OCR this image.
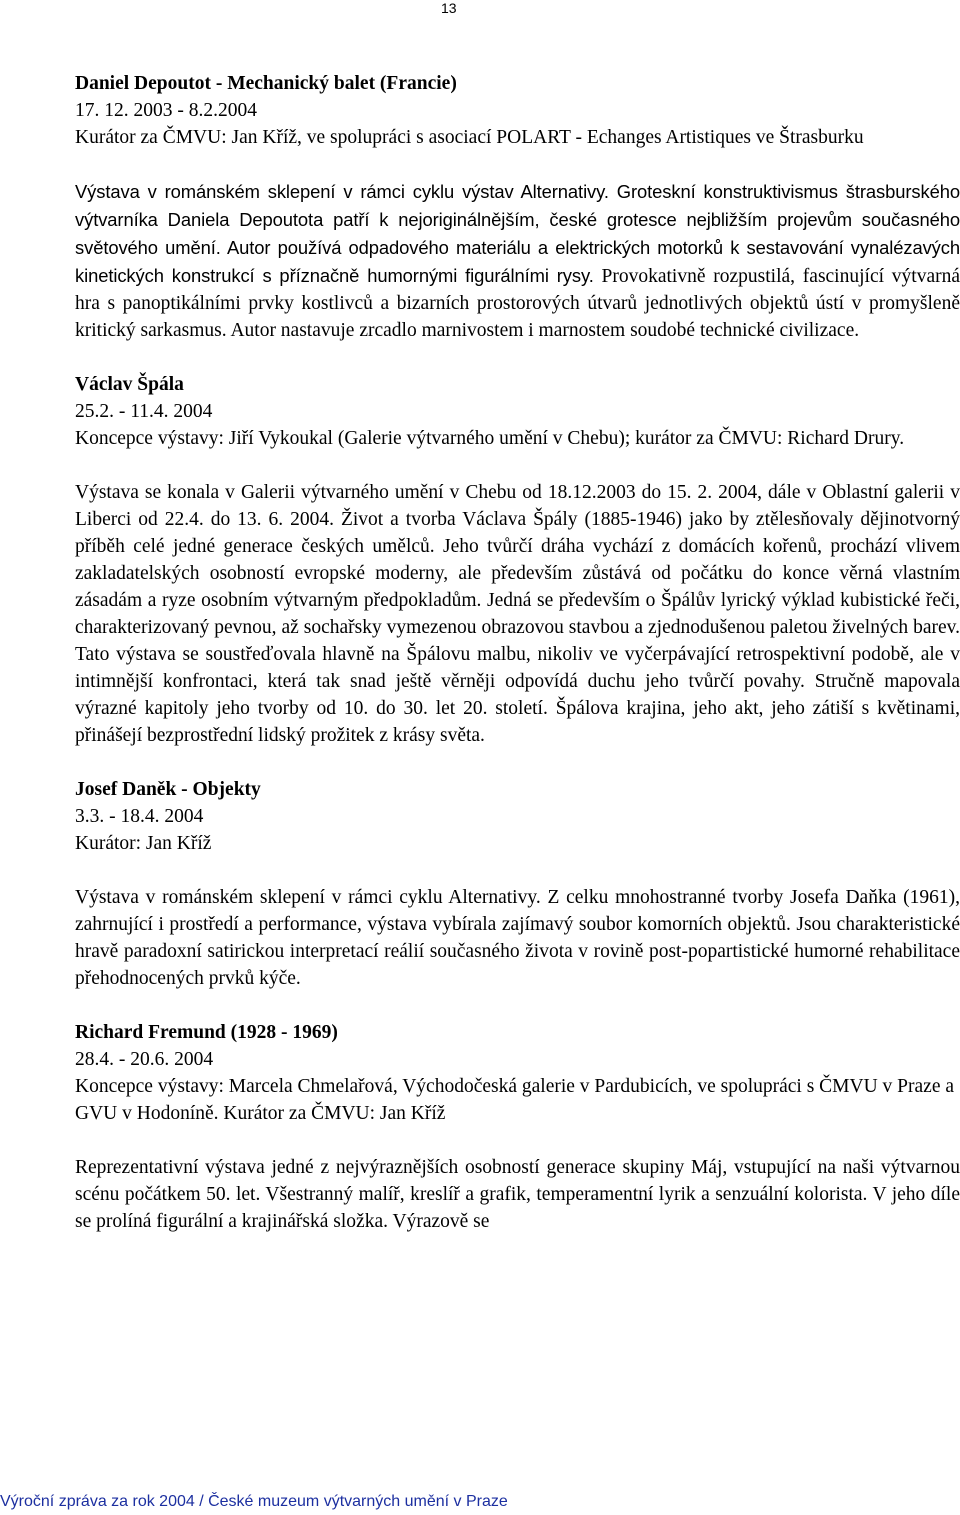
13
Daniel Depoutot - Mechanický balet (Francie)
17. 12. 2003 - 8.2.2004
Kurátor za ČMVU: Jan Kříž, ve spolupráci s asociací POLART - Echanges Artistiques ve Štrasburku
Výstava v románském sklepení v rámci cyklu výstav Alternativy. Groteskní konstruktivismus štrasburského výtvarníka Daniela Depoutota patří k nejoriginálnějším, české grotesce nejbližším projevům současného světového umění. Autor používá odpadového materiálu a elektrických motorků k sestavování vynalézavých kinetických konstrukcí s příznačně humornými figurálními rysy. Provokativně rozpustilá, fascinující výtvarná hra s panoptikálními prvky kostlivců a bizarních prostorových útvarů jednotlivých objektů ústí v promyšleně kritický sarkasmus. Autor nastavuje zrcadlo marnivostem i marnostem soudobé technické civilizace.
Václav Špála
25.2. - 11.4. 2004
Koncepce výstavy: Jiří Vykoukal (Galerie výtvarného umění v Chebu); kurátor za ČMVU: Richard Drury.
Výstava se konala v Galerii výtvarného umění v Chebu od 18.12.2003 do 15. 2. 2004, dále v Oblastní galerii v Liberci od 22.4. do 13. 6. 2004. Život a tvorba Václava Špály (1885-1946) jako by ztělesňovaly dějinotvorný příběh celé jedné generace českých umělců. Jeho tvůrčí dráha vychází z domácích kořenů, prochází vlivem zakladatelských osobností evropské moderny, ale především zůstává od počátku do konce věrná vlastním zásadám a ryze osobním výtvarným předpokladům. Jedná se především o Špálův lyrický výklad kubistické řeči, charakterizovaný pevnou, až sochařsky vymezenou obrazovou stavbou a zjednodušenou paletou živelných barev. Tato výstava se soustřeďovala hlavně na Špálovu malbu, nikoliv ve vyčerpávající retrospektivní podobě, ale v intimnější konfrontaci, která tak snad ještě věrněji odpovídá duchu jeho tvůrčí povahy. Stručně mapovala výrazné kapitoly jeho tvorby od 10. do 30. let 20. století. Špálova krajina, jeho akt, jeho zátiší s květinami, přinášejí bezprostřední lidský prožitek z krásy světa.
Josef Daněk - Objekty
3.3. - 18.4. 2004
Kurátor: Jan Kříž
Výstava v románském sklepení v rámci cyklu Alternativy. Z celku mnohostranné tvorby Josefa Daňka (1961), zahrnující i prostředí a performance, výstava vybírala zajímavý soubor komorních objektů. Jsou charakteristické hravě paradoxní satirickou interpretací reálií současného života v rovině post-popartistické humorné rehabilitace přehodnocených prvků kýče.
Richard Fremund (1928 - 1969)
28.4. - 20.6. 2004
Koncepce výstavy: Marcela Chmelařová, Východočeská galerie v Pardubicích, ve spolupráci s ČMVU v Praze a GVU v Hodoníně. Kurátor za ČMVU: Jan Kříž
Reprezentativní výstava jedné z nejvýraznějších osobností generace skupiny Máj, vstupující na naši výtvarnou scénu počátkem 50. let. Všestranný malíř, kreslíř a grafik, temperamentní lyrik a senzuální kolorista. V jeho díle se prolíná figurální a krajinářská složka. Výrazově se
Výroční zpráva za rok 2004 / České muzeum výtvarných umění v Praze
